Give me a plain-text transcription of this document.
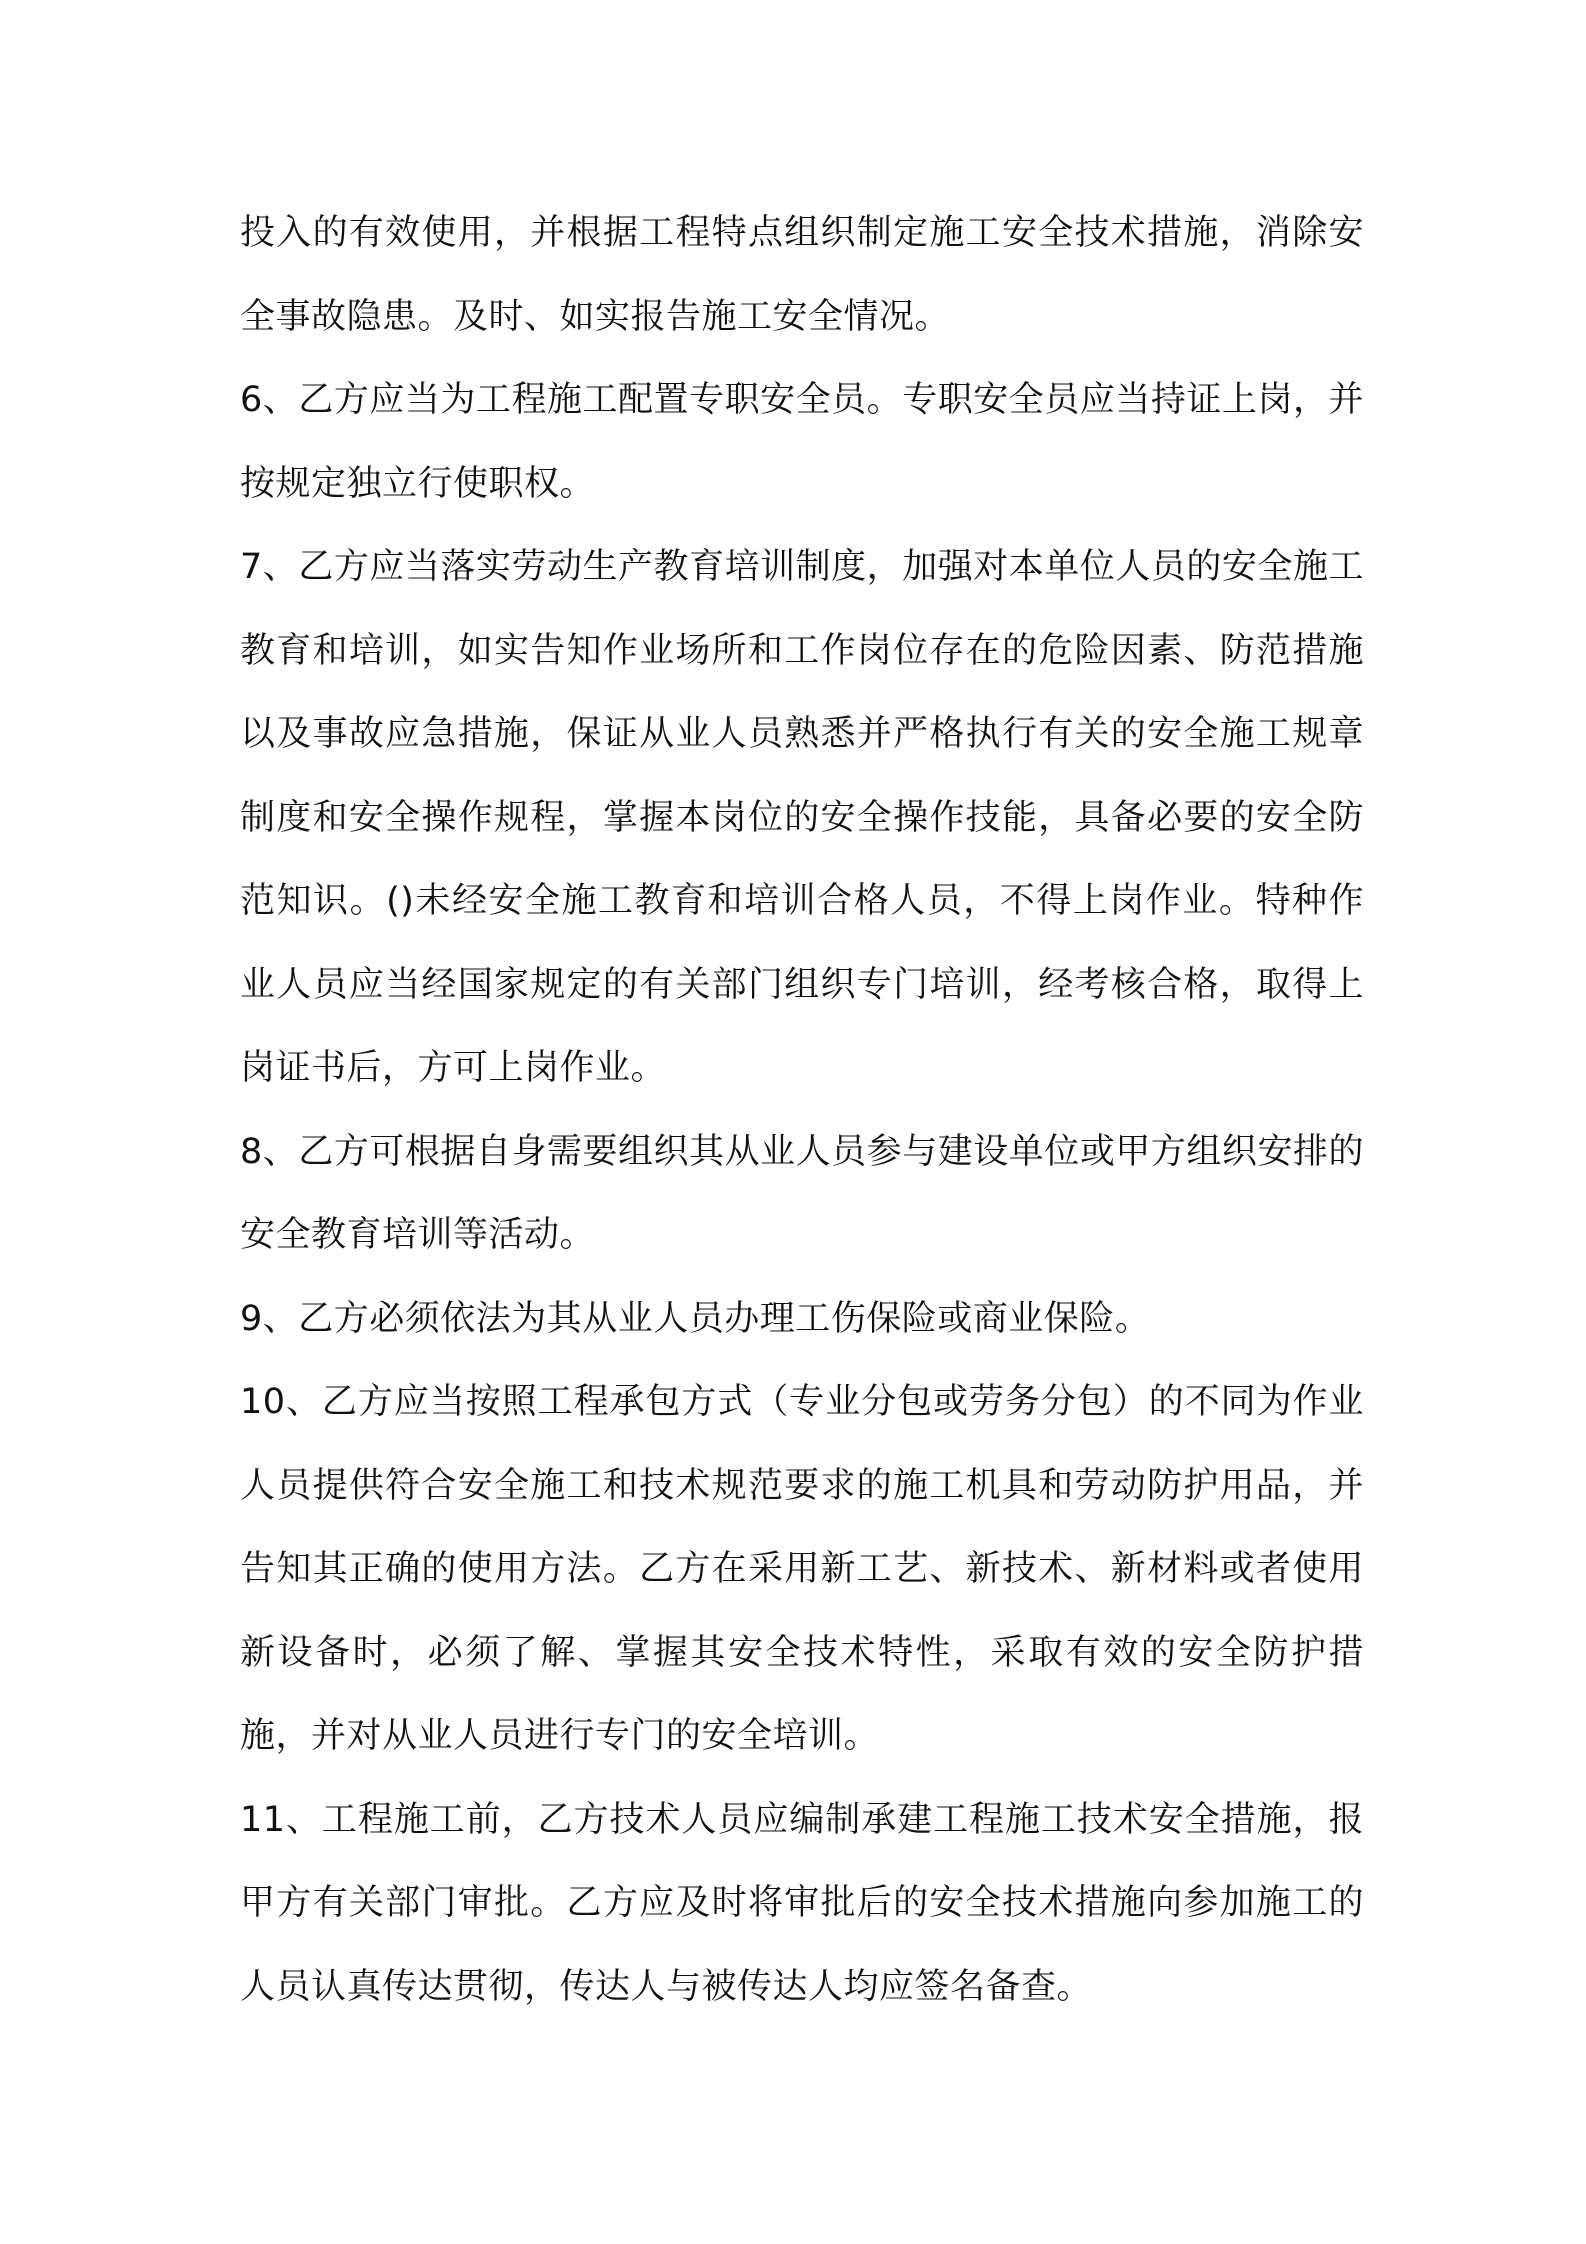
投入的有效使用，并根据工程特点组织制定施工安全技术措施，消除安全事故隐患。及时、如实报告施工安全情况。

6、乙方应当为工程施工配置专职安全员。专职安全员应当持证上岗，并按规定独立行使职权。

7、乙方应当落实劳动生产教育培训制度，加强对本单位人员的安全施工教育和培训，如实告知作业场所和工作岗位存在的危险因素、防范措施以及事故应急措施，保证从业人员熟悉并严格执行有关的安全施工规章制度和安全操作规程，掌握本岗位的安全操作技能，具备必要的安全防范知识。()未经安全施工教育和培训合格人员，不得上岗作业。特种作业人员应当经国家规定的有关部门组织专门培训，经考核合格，取得上岗证书后，方可上岗作业。

8、乙方可根据自身需要组织其从业人员参与建设单位或甲方组织安排的安全教育培训等活动。

9、乙方必须依法为其从业人员办理工伤保险或商业保险。

10、乙方应当按照工程承包方式（专业分包或劳务分包）的不同为作业人员提供符合安全施工和技术规范要求的施工机具和劳动防护用品，并告知其正确的使用方法。乙方在采用新工艺、新技术、新材料或者使用新设备时，必须了解、掌握其安全技术特性，采取有效的安全防护措施，并对从业人员进行专门的安全培训。

11、工程施工前，乙方技术人员应编制承建工程施工技术安全措施，报甲方有关部门审批。乙方应及时将审批后的安全技术措施向参加施工的人员认真传达贯彻，传达人与被传达人均应签名备查。
